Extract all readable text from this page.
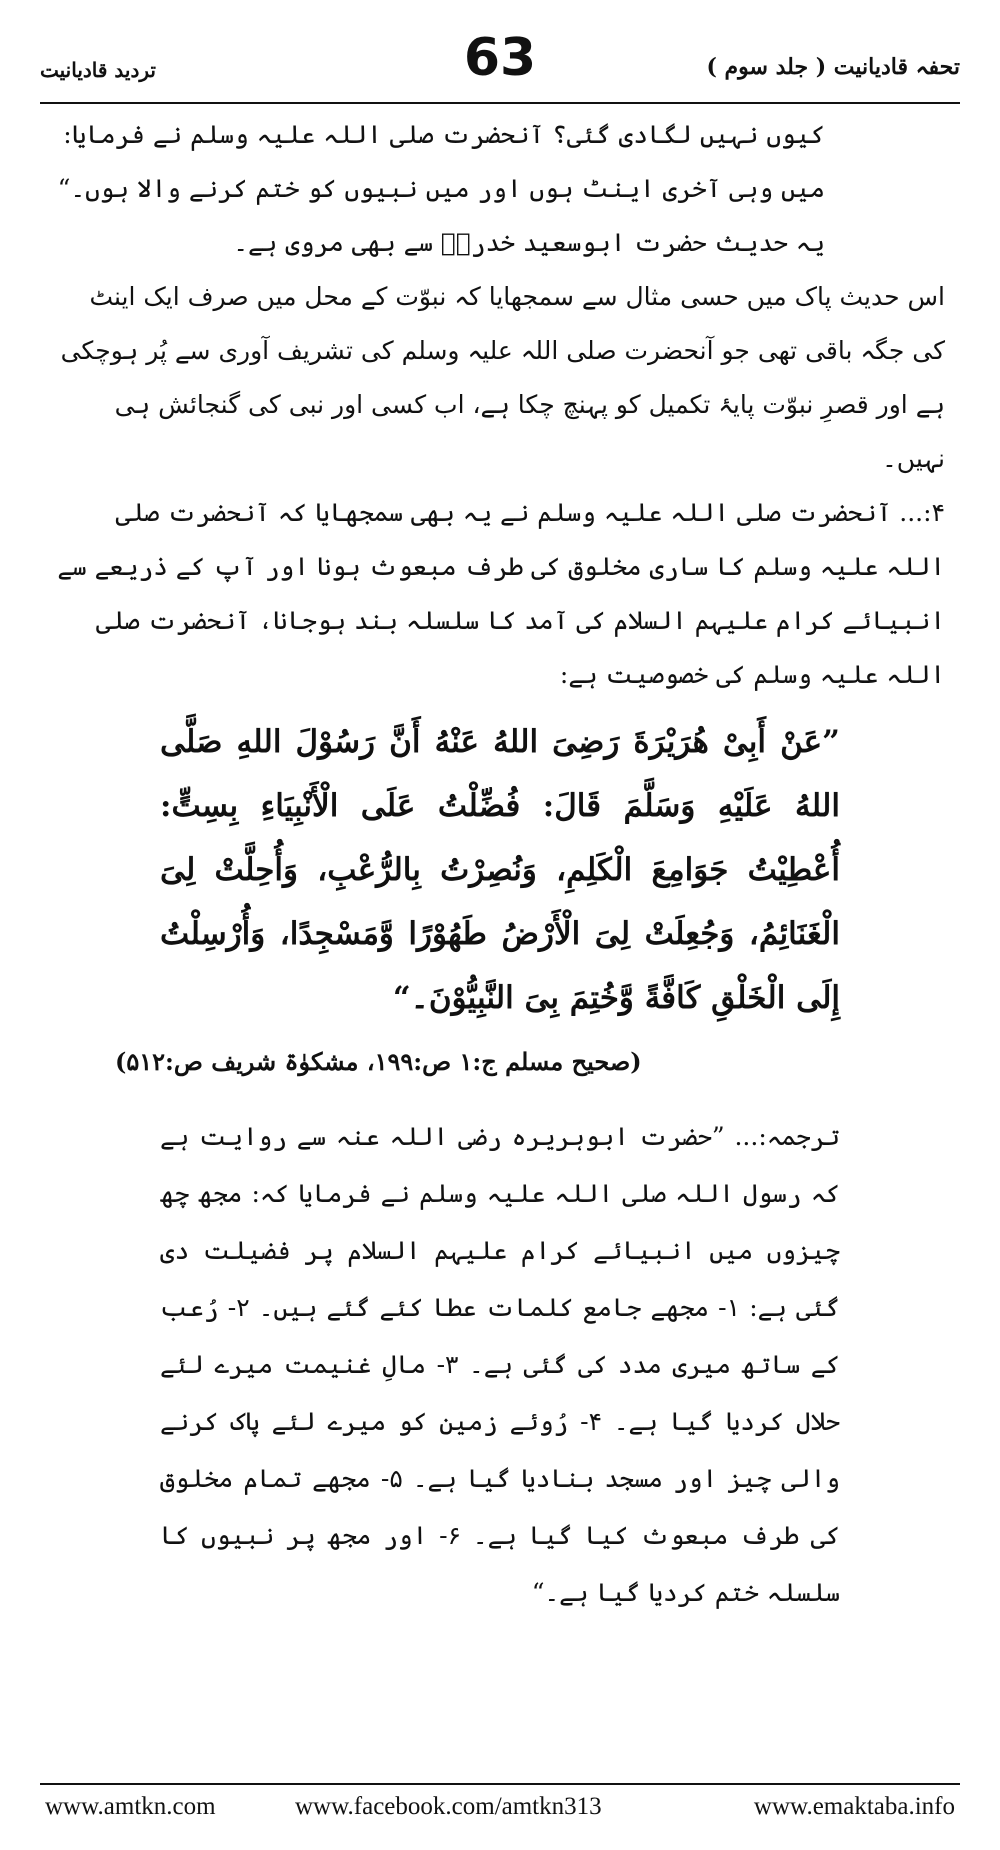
تحفہ قادیانیت ( جلد سوم )
63
تردید قادیانیت

کیوں نہیں لگادی گئی؟ آنحضرت صلی اللہ علیہ وسلم نے فرمایا: میں وہی آخری اینٹ ہوں اور میں نبیوں کو ختم کرنے والا ہوں۔“

یہ حدیث حضرت ابوسعید خدریؓ سے بھی مروی ہے۔

اس حدیث پاک میں حسی مثال سے سمجھایا کہ نبوّت کے محل میں صرف ایک اینٹ کی جگہ باقی تھی جو آنحضرت صلی اللہ علیہ وسلم کی تشریف آوری سے پُر ہوچکی ہے اور قصرِ نبوّت پایۂ تکمیل کو پہنچ چکا ہے، اب کسی اور نبی کی گنجائش ہی نہیں۔

۴:... آنحضرت صلی اللہ علیہ وسلم نے یہ بھی سمجھایا کہ آنحضرت صلی اللہ علیہ وسلم کا ساری مخلوق کی طرف مبعوث ہونا اور آپ کے ذریعے سے انبیائے کرام علیہم السلام کی آمد کا سلسلہ بند ہوجانا، آنحضرت صلی اللہ علیہ وسلم کی خصوصیت ہے:

”عَنْ أَبِیْ هُرَیْرَةَ رَضِیَ اللهُ عَنْهُ أَنَّ رَسُوْلَ اللهِ صَلَّى اللهُ عَلَیْهِ وَسَلَّمَ قَالَ: فُضِّلْتُ عَلَى الْأَنْبِیَاءِ بِسِتٍّ: أُعْطِیْتُ جَوَامِعَ الْكَلِمِ، وَنُصِرْتُ بِالرُّعْبِ، وَأُحِلَّتْ لِیَ الْغَنَائِمُ، وَجُعِلَتْ لِیَ الْأَرْضُ طَهُوْرًا وَّمَسْجِدًا، وَأُرْسِلْتُ إِلَى الْخَلْقِ كَافَّةً وَّخُتِمَ بِیَ النَّبِیُّوْنَ۔“

(صحیح مسلم ج:۱ ص:۱۹۹، مشکوٰۃ شریف ص:۵۱۲)

ترجمہ:... ”حضرت ابوہریرہ رضی اللہ عنہ سے روایت ہے کہ رسول اللہ صلی اللہ علیہ وسلم نے فرمایا کہ: مجھ چھ چیزوں میں انبیائے کرام علیہم السلام پر فضیلت دی گئی ہے: ۱- مجھے جامع کلمات عطا کئے گئے ہیں۔ ۲- رُعب کے ساتھ میری مدد کی گئی ہے۔ ۳- مالِ غنیمت میرے لئے حلال کردیا گیا ہے۔ ۴- رُوئے زمین کو میرے لئے پاک کرنے والی چیز اور مسجد بنادیا گیا ہے۔ ۵- مجھے تمام مخلوق کی طرف مبعوث کیا گیا ہے۔ ۶- اور مجھ پر نبیوں کا سلسلہ ختم کردیا گیا ہے۔“

www.amtkn.com	www.facebook.com/amtkn313	www.emaktaba.info
